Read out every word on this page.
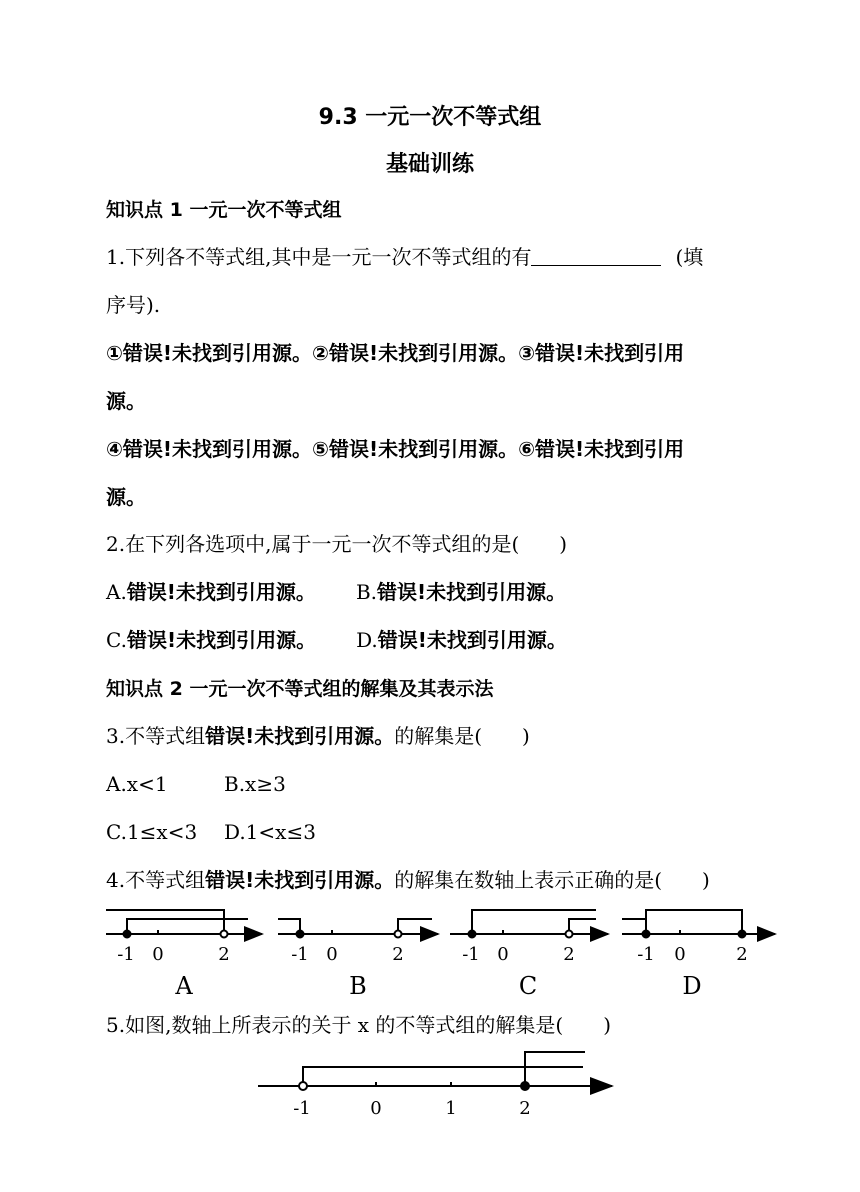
9.3 一元一次不等式组
基础训练
知识点 1 一元一次不等式组
1.下列各不等式组,其中是一元一次不等式组的有	(填
序号).
①错误!未找到引用源。②错误!未找到引用源。③错误!未找到引用
源。
④错误!未找到引用源。⑤错误!未找到引用源。⑥错误!未找到引用
源。
2.在下列各选项中,属于一元一次不等式组的是(　　)
A.错误!未找到引用源。 B.错误!未找到引用源。
C.错误!未找到引用源。 D.错误!未找到引用源。
知识点 2 一元一次不等式组的解集及其表示法
3.不等式组错误!未找到引用源。的解集是(　　)
A.x<1	B.x≥3
C.1≤x<3 D.1<x≤3
4.不等式组错误!未找到引用源。的解集在数轴上表示正确的是(　　)
-1 0	2	-1 0	2	-1 0	2	-1 0	2
A	B	C	D
5.如图,数轴上所表示的关于 x 的不等式组的解集是(　　)
-1	0	1	2
